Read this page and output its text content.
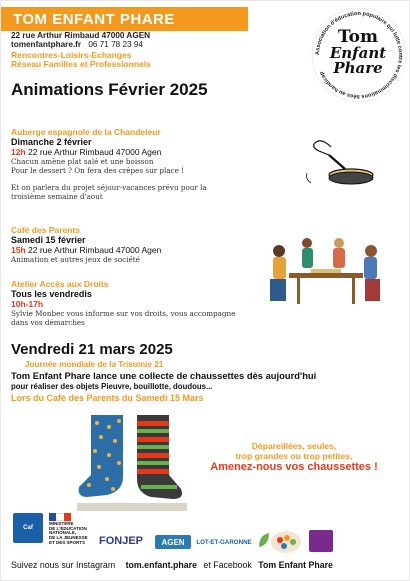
TOM ENFANT PHARE
22 rue Arthur Rimbaud 47000 AGEN
tomenfantphare.fr 06 71 78 23 94
Rencontres-Loisirs-Echanges
Réseau Familles et Professionnels
Association d'éducation populaire qui lutte contre les discriminations liées au handicap
Tom
Enfant
Phare
Animations Février 2025
Auberge espagnole de la Chandeleur
Dimanche 2 février
12h 22 rue Arthur Rimbaud 47000 Agen
Chacun amène plat salé et une boisson
Pour le dessert ? On fera des crêpes sur place !
Et on parlera du projet séjour-vacances prévu pour la
troisième semaine d'aout
Café des Parents
Samedi 15 février
15h 22 rue Arthur Rimbaud 47000 Agen
Animation et autres jeux de société
Atelier Accès aux Droits
Tous les vendredis
10h-17h
Sylvie Monbec vous informe sur vos droits, vous accompagne
dans vos démarches
Vendredi 21 mars 2025
Journée mondiale de la Trisomie 21
Tom Enfant Phare lance une collecte de chaussettes dès aujourd'hui
pour réaliser des objets Pieuvre, bouillotte, doudous...
Lors du Café des Parents du Samedi 15 Mars
Dépareillées, seules,
trop grandes ou trop petites,
Amenez-nous vos chaussettes !
Caf
MINISTÈRE
DE L'ÉDUCATION
NATIONALE,
DE LA JEUNESSE
ET DES SPORTS	FONJEP AGEN LOT-ET-GARONNE
Suivez nous sur Instagram tom.enfant.phare et Facebook Tom Enfant Phare
